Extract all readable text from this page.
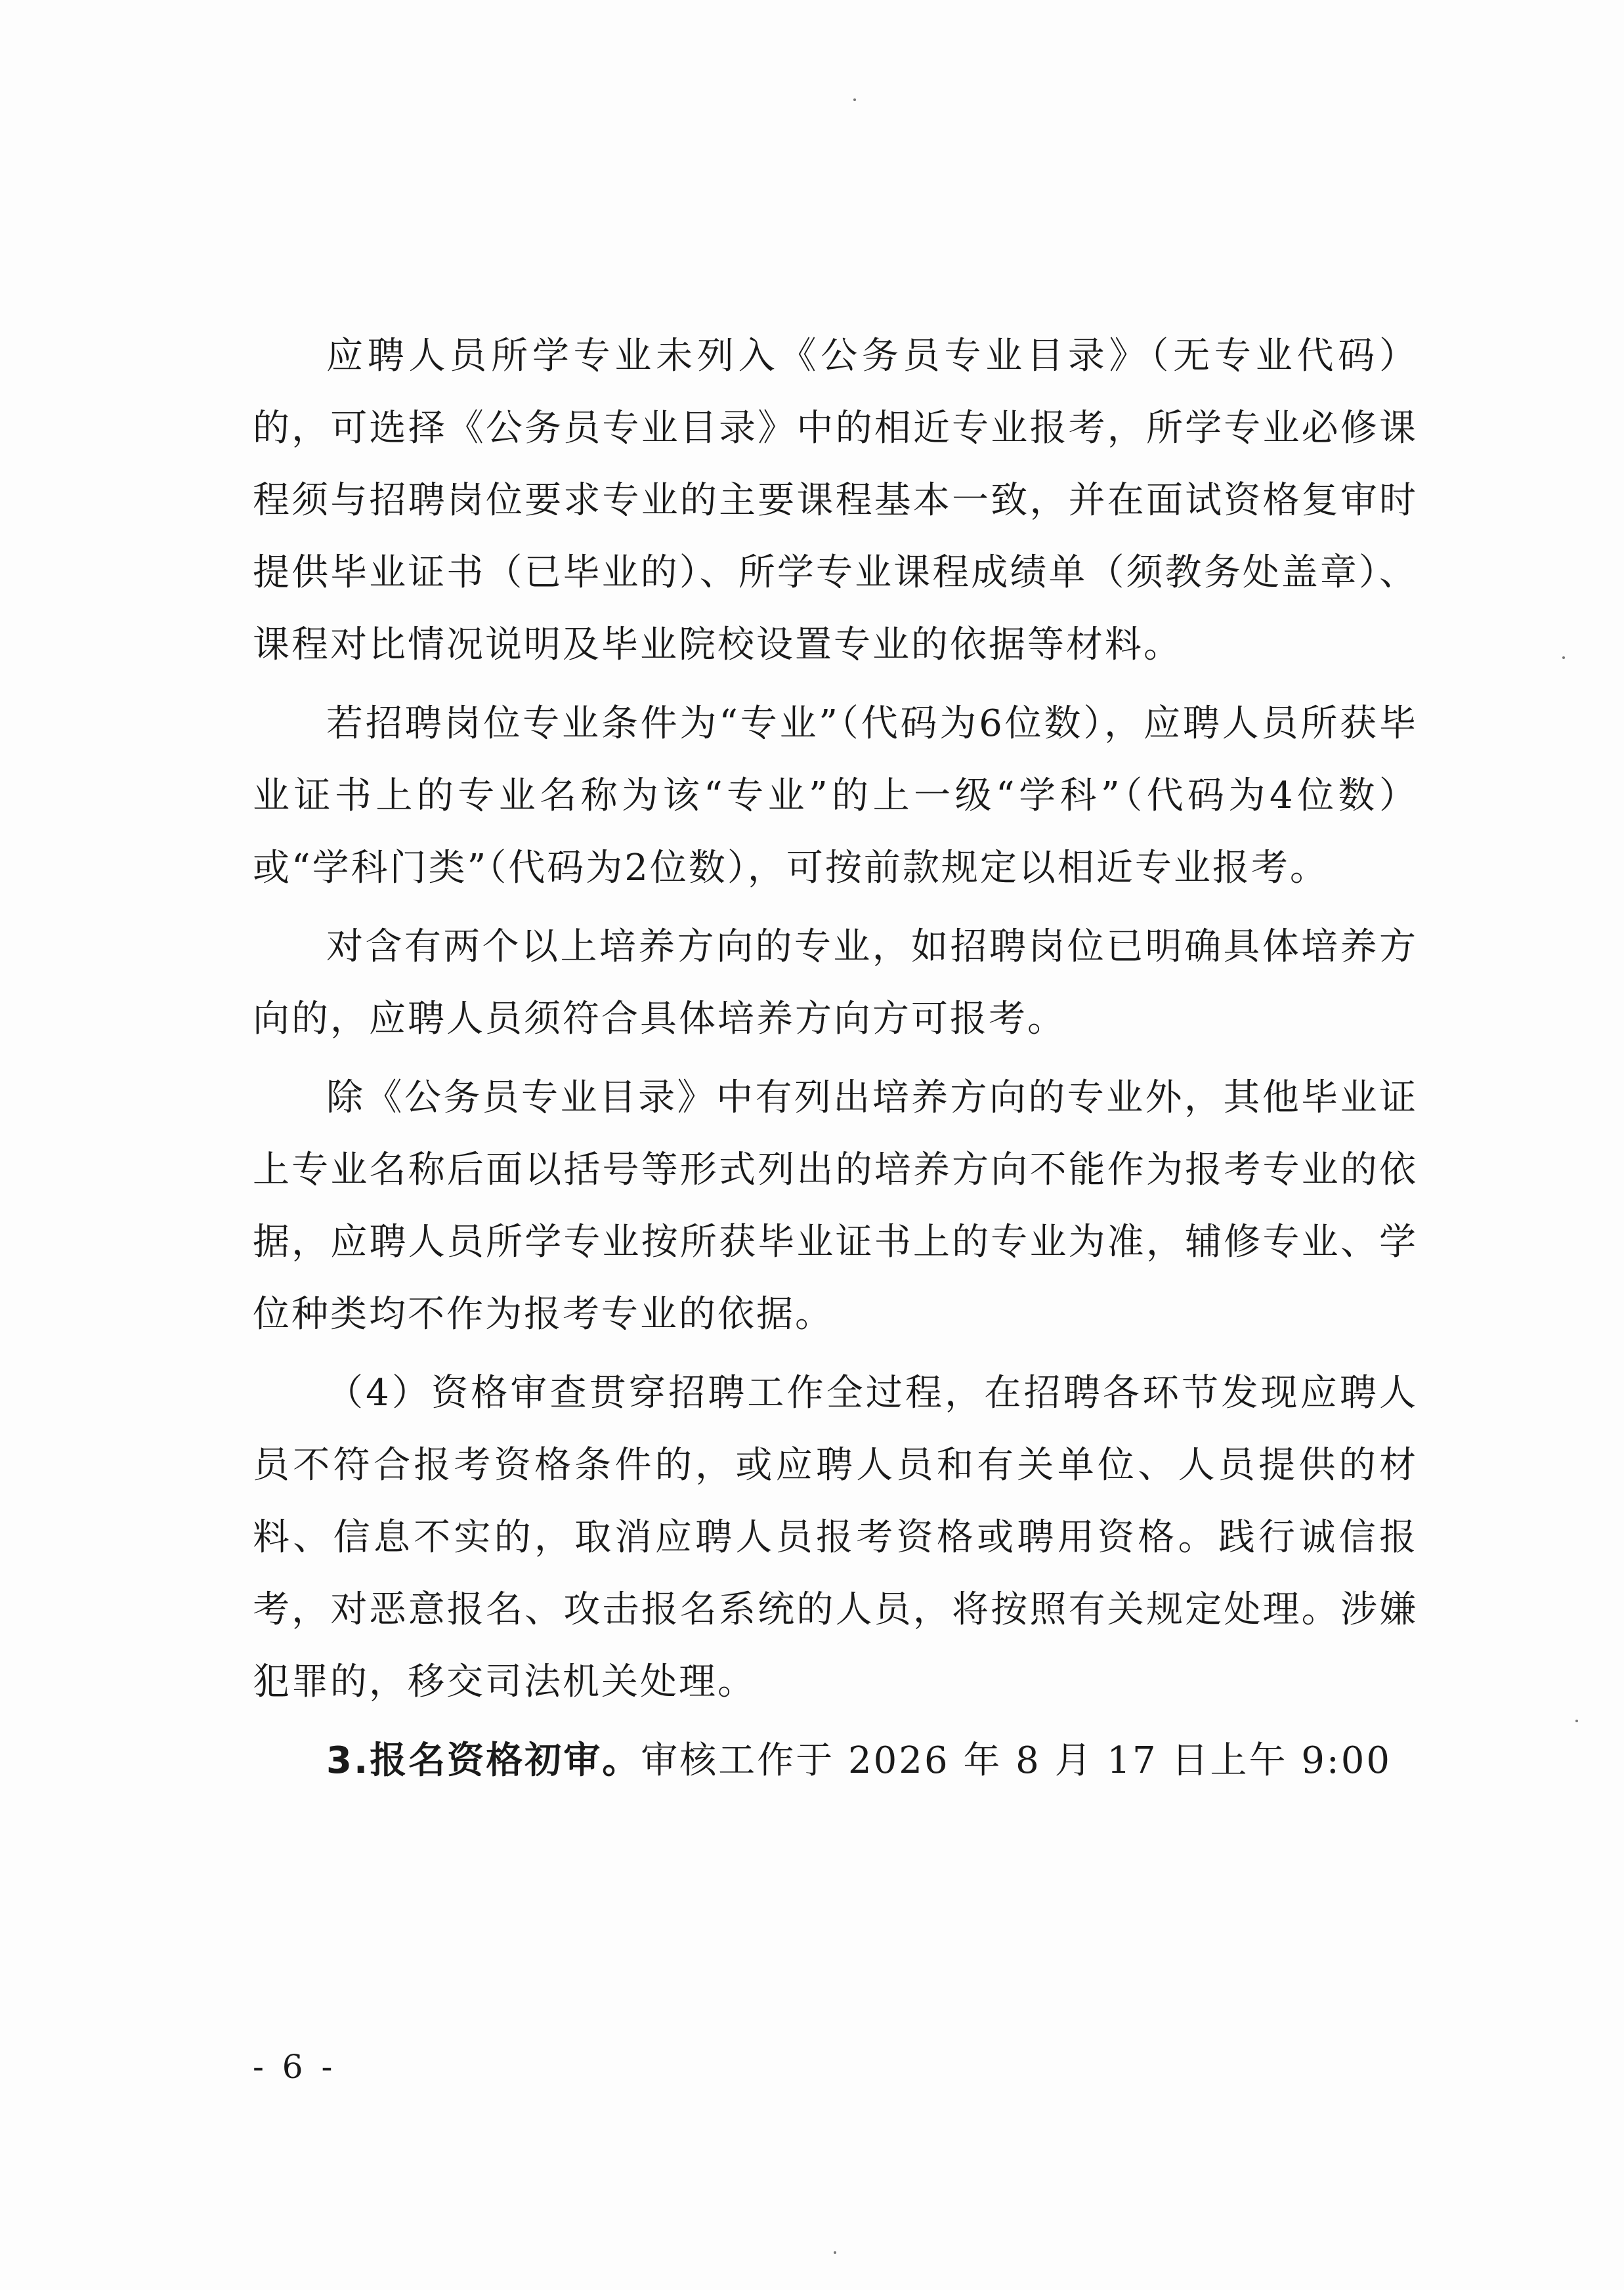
应聘人员所学专业未列入《公务员专业目录》（无专业代码）的，可选择《公务员专业目录》中的相近专业报考，所学专业必修课程须与招聘岗位要求专业的主要课程基本一致，并在面试资格复审时提供毕业证书（已毕业的）、所学专业课程成绩单（须教务处盖章）、课程对比情况说明及毕业院校设置专业的依据等材料。

若招聘岗位专业条件为“专业”（代码为6位数），应聘人员所获毕业证书上的专业名称为该“专业”的上一级“学科”（代码为4位数）或“学科门类”（代码为2位数），可按前款规定以相近专业报考。

对含有两个以上培养方向的专业，如招聘岗位已明确具体培养方向的，应聘人员须符合具体培养方向方可报考。

除《公务员专业目录》中有列出培养方向的专业外，其他毕业证上专业名称后面以括号等形式列出的培养方向不能作为报考专业的依据，应聘人员所学专业按所获毕业证书上的专业为准，辅修专业、学位种类均不作为报考专业的依据。

（4）资格审查贯穿招聘工作全过程，在招聘各环节发现应聘人员不符合报考资格条件的，或应聘人员和有关单位、人员提供的材料、信息不实的，取消应聘人员报考资格或聘用资格。践行诚信报考，对恶意报名、攻击报名系统的人员，将按照有关规定处理。涉嫌犯罪的，移交司法机关处理。

3.报名资格初审。审核工作于 2026 年 8 月 17 日上午 9:00

- 6 -
